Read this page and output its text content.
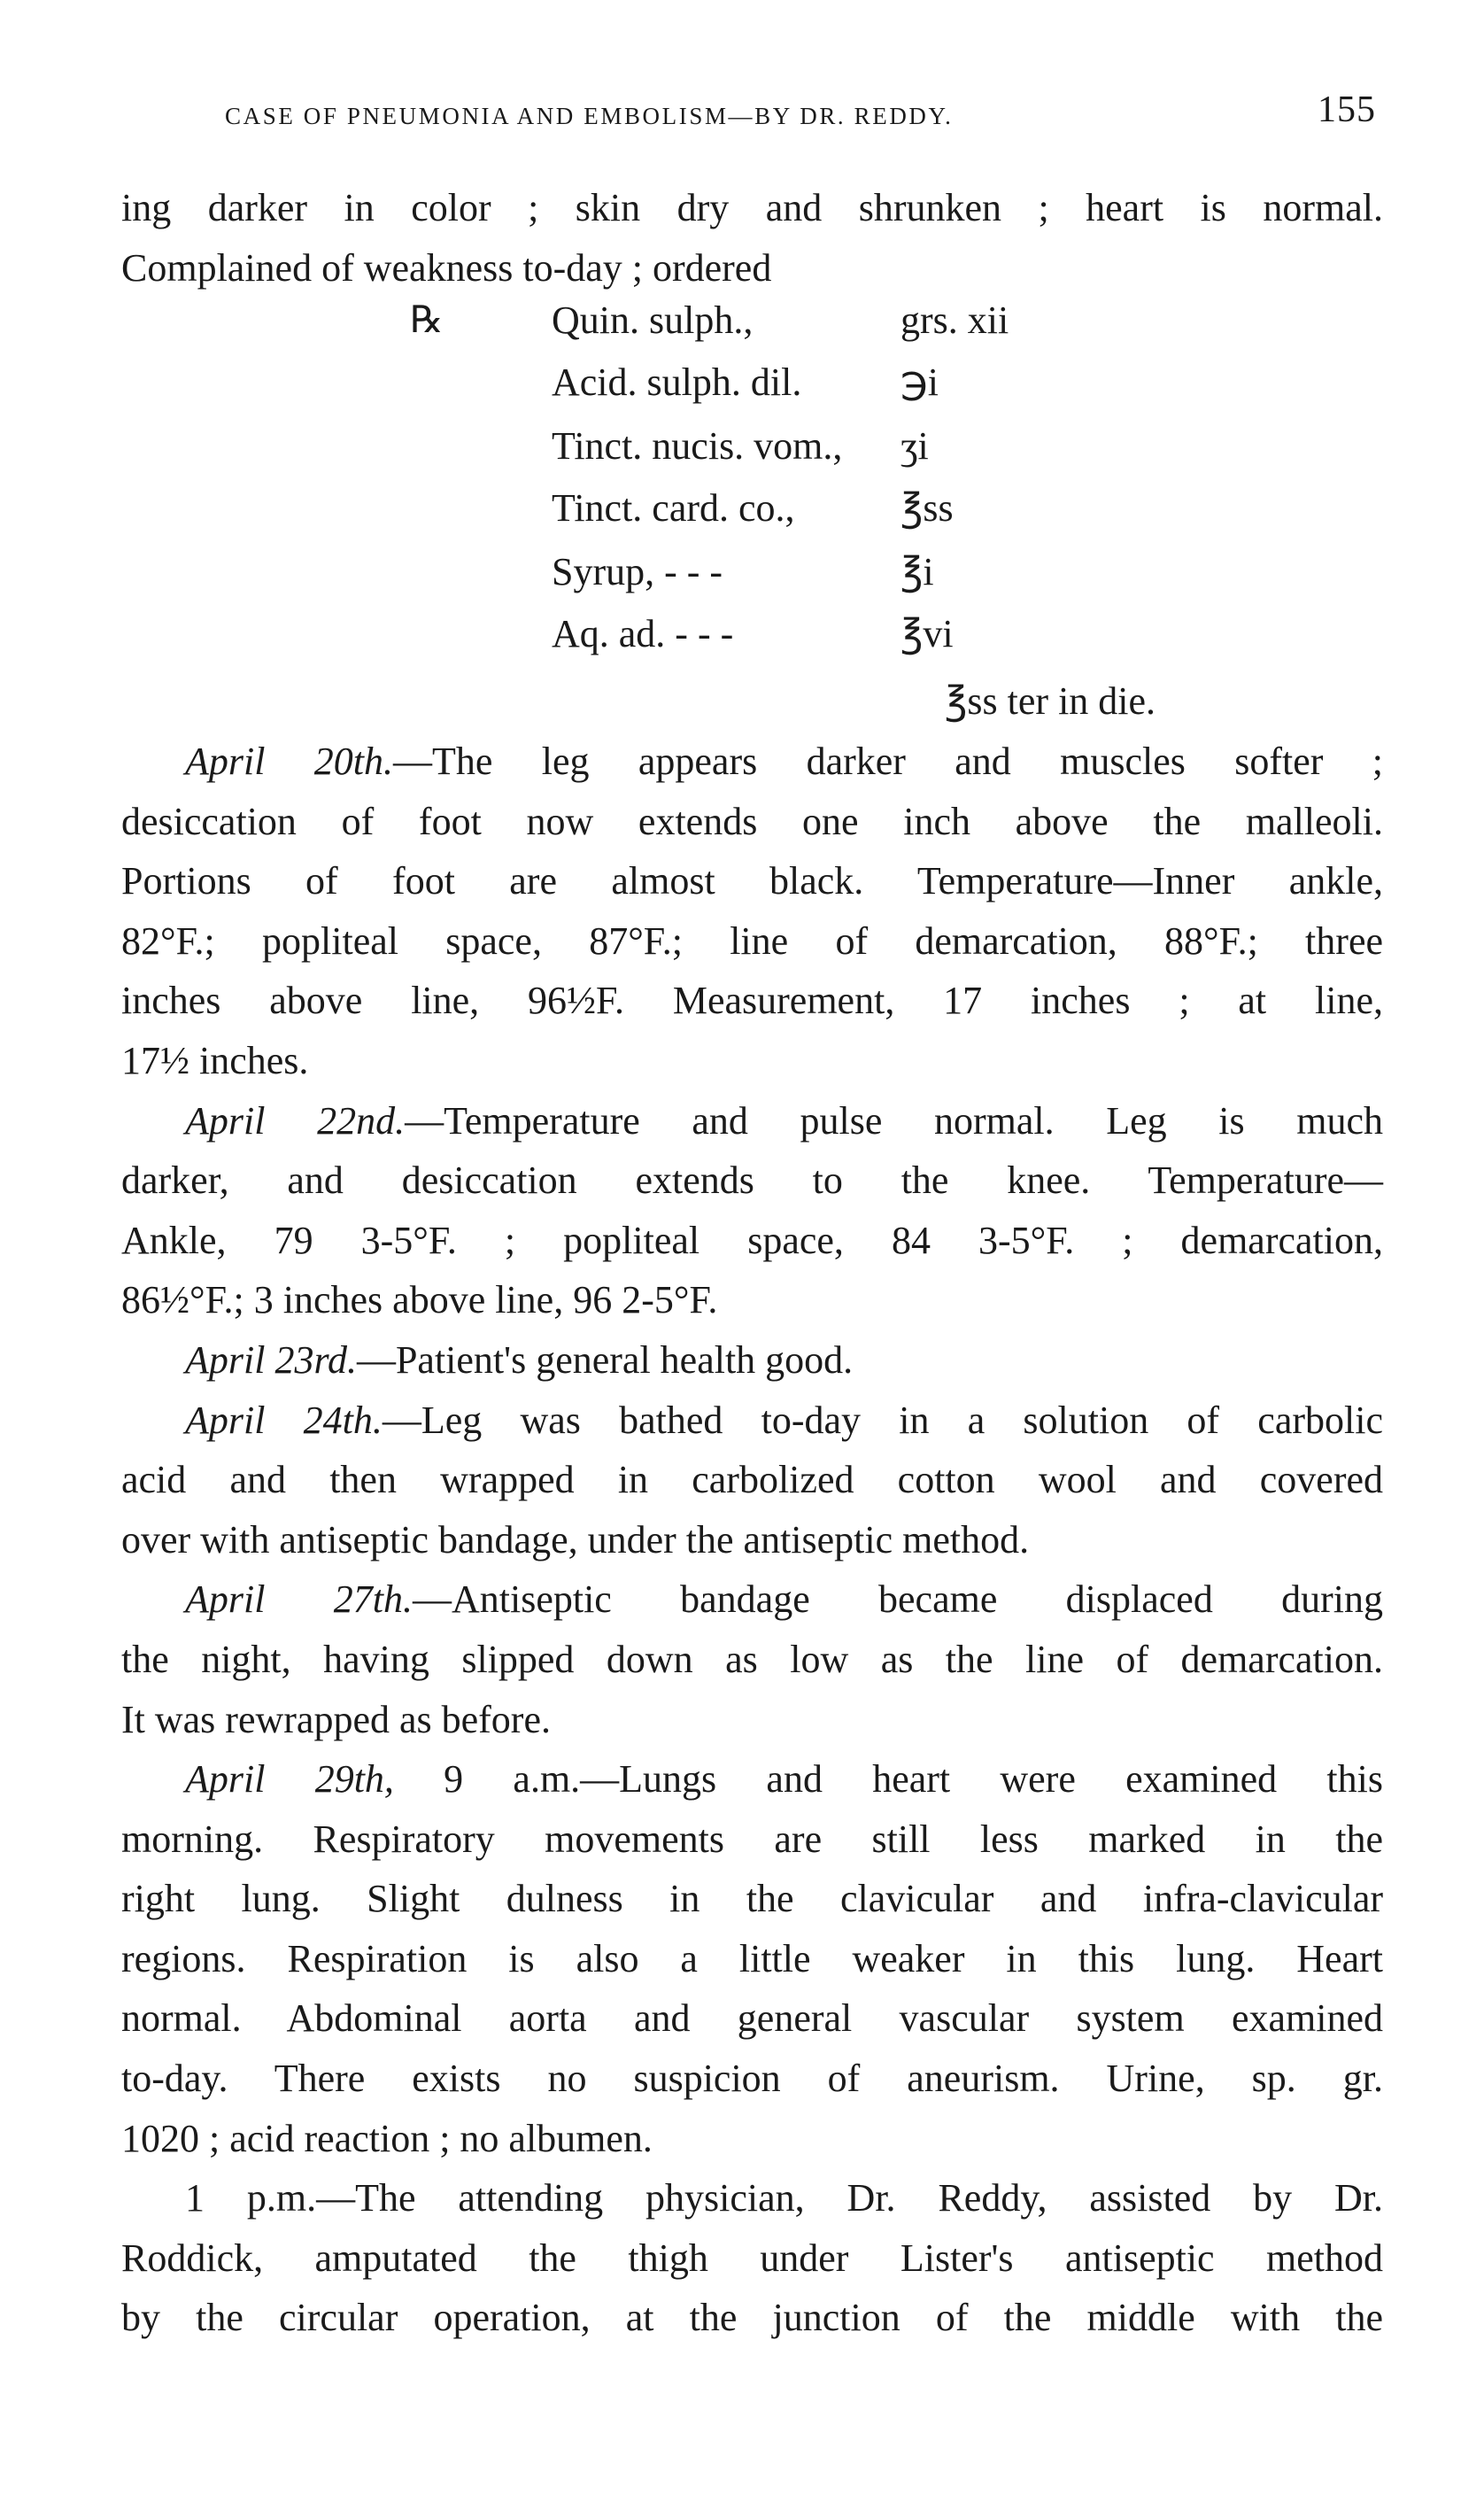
CASE OF PNEUMONIA AND EMBOLISM—BY DR. REDDY.	155
ing darker in color ; skin dry and shrunken ; heart is normal.
Complained of weakness to-day ; ordered
℞	Quin. sulph.,	grs. xii
Acid. sulph. dil.	℈i
Tinct. nucis. vom., ʒi
Tinct. card. co.,	℥ss
Syrup, - - -	℥i
Aq. ad. - - -	℥vi
℥ss ter in die.
April 20th.—The leg appears darker and muscles softer ;
desiccation of foot now extends one inch above the malleoli.
Portions of foot are almost black. Temperature—Inner ankle,
82°F.; popliteal space, 87°F.; line of demarcation, 88°F.; three
inches above line, 96½F. Measurement, 17 inches ; at line,
17½ inches.
April 22nd.—Temperature and pulse normal. Leg is much
darker, and desiccation extends to the knee. Temperature—
Ankle, 79 3-5°F. ; popliteal space, 84 3-5°F. ; demarcation,
86½°F.; 3 inches above line, 96 2-5°F.
April 23rd.—Patient's general health good.
April 24th.—Leg was bathed to-day in a solution of carbolic
acid and then wrapped in carbolized cotton wool and covered
over with antiseptic bandage, under the antiseptic method.
April 27th.—Antiseptic bandage became displaced during
the night, having slipped down as low as the line of demarcation.
It was rewrapped as before.
April 29th, 9 a.m.—Lungs and heart were examined this
morning. Respiratory movements are still less marked in the
right lung. Slight dulness in the clavicular and infra-clavicular
regions. Respiration is also a little weaker in this lung. Heart
normal. Abdominal aorta and general vascular system examined
to-day. There exists no suspicion of aneurism. Urine, sp. gr.
1020 ; acid reaction ; no albumen.
1 p.m.—The attending physician, Dr. Reddy, assisted by Dr.
Roddick, amputated the thigh under Lister's antiseptic method
by the circular operation, at the junction of the middle with the
